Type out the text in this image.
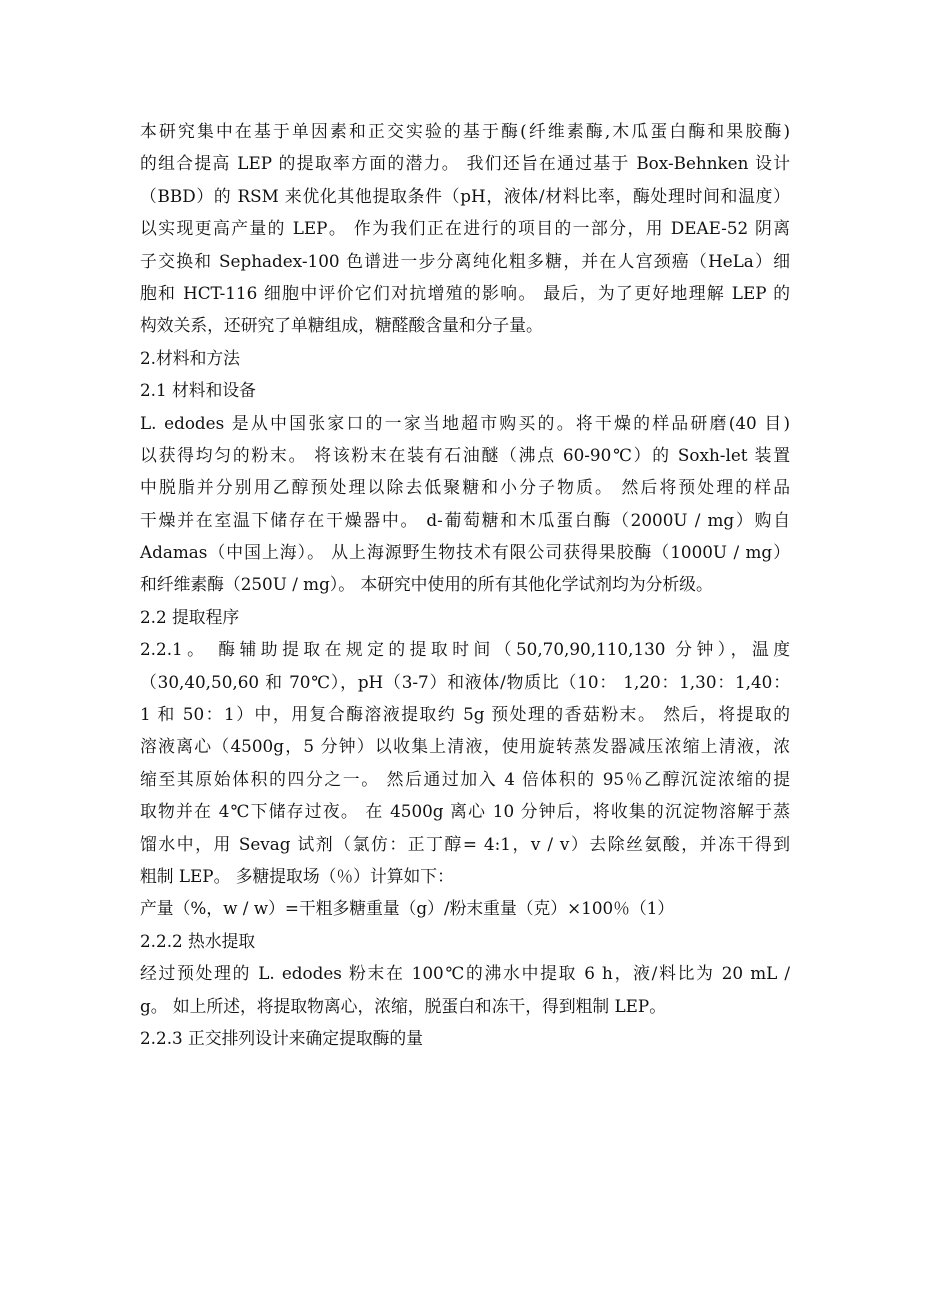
本研究集中在基于单因素和正交实验的基于酶(纤维素酶,木瓜蛋白酶和果胶酶)
的组合提高 LEP 的提取率方面的潜力。 我们还旨在通过基于 Box-Behnken 设计
（BBD）的 RSM 来优化其他提取条件（pH，液体/材料比率，酶处理时间和温度）
以实现更高产量的 LEP。 作为我们正在进行的项目的一部分，用 DEAE-52 阴离
子交换和 Sephadex-100 色谱进一步分离纯化粗多糖，并在人宫颈癌（HeLa）细
胞和 HCT-116 细胞中评价它们对抗增殖的影响。 最后，为了更好地理解 LEP 的
构效关系，还研究了单糖组成，糖醛酸含量和分子量。
2.材料和方法
2.1 材料和设备
L. edodes 是从中国张家口的一家当地超市购买的。将干燥的样品研磨(40 目)
以获得均匀的粉末。 将该粉末在装有石油醚（沸点 60-90℃）的 Soxh-let 装置
中脱脂并分别用乙醇预处理以除去低聚糖和小分子物质。 然后将预处理的样品
干燥并在室温下储存在干燥器中。 d-葡萄糖和木瓜蛋白酶（2000U / mg）购自
Adamas（中国上海）。 从上海源野生物技术有限公司获得果胶酶（1000U / mg）
和纤维素酶（250U / mg）。 本研究中使用的所有其他化学试剂均为分析级。
2.2 提取程序
2.2.1。 酶辅助提取在规定的提取时间（50,70,90,110,130 分钟），温度
（30,40,50,60 和 70℃），pH（3-7）和液体/物质比（10： 1,20：1,30：1,40：
1 和 50：1）中，用复合酶溶液提取约 5g 预处理的香菇粉末。 然后，将提取的
溶液离心（4500g，5 分钟）以收集上清液，使用旋转蒸发器减压浓缩上清液，浓
缩至其原始体积的四分之一。 然后通过加入 4 倍体积的 95％乙醇沉淀浓缩的提
取物并在 4℃下储存过夜。 在 4500g 离心 10 分钟后，将收集的沉淀物溶解于蒸
馏水中，用 Sevag 试剂（氯仿：正丁醇= 4:1，v / v）去除丝氨酸，并冻干得到
粗制 LEP。 多糖提取场（％）计算如下：
产量（%，w / w）=干粗多糖重量（g）/粉末重量（克）×100％（1）
2.2.2 热水提取
经过预处理的 L. edodes 粉末在 100℃的沸水中提取 6 h，液/料比为 20 mL /
g。 如上所述，将提取物离心，浓缩，脱蛋白和冻干，得到粗制 LEP。
2.2.3 正交排列设计来确定提取酶的量
